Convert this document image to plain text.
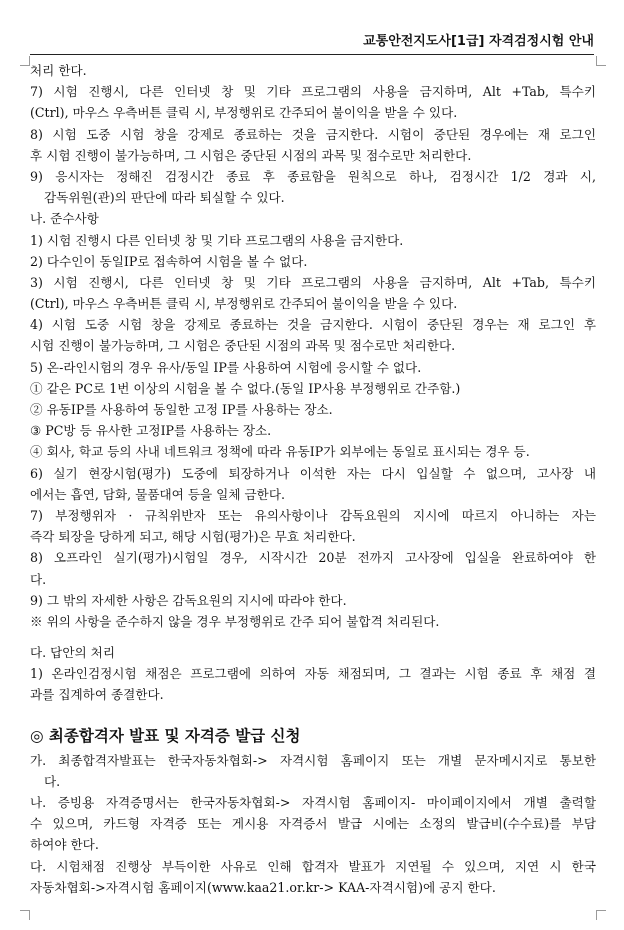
교통안전지도사[1급] 자격검정시험 안내
처리 한다.
7) 시험 진행시, 다른 인터넷 창 및 기타 프로그램의 사용을 금지하며, Alt +Tab, 특수키
(Ctrl), 마우스 우측버튼 클릭 시, 부정행위로 간주되어 불이익을 받을 수 있다.
8) 시험 도중 시험 창을 강제로 종료하는 것을 금지한다. 시험이 중단된 경우에는 재 로그인
후 시험 진행이 불가능하며, 그 시험은 중단된 시점의 과목 및 점수로만 처리한다.
9) 응시자는 정해진 검정시간 종료 후 종료함을 원칙으로 하나, 검정시간 1/2 경과 시,
감독위원(관)의 판단에 따라 퇴실할 수 있다.
나. 준수사항
1) 시험 진행시 다른 인터넷 창 및 기타 프로그램의 사용을 금지한다.
2) 다수인이 동일IP로 접속하여 시험을 볼 수 없다.
3) 시험 진행시, 다른 인터넷 창 및 기타 프로그램의 사용을 금지하며, Alt +Tab, 특수키
(Ctrl), 마우스 우측버튼 클릭 시, 부정행위로 간주되어 불이익을 받을 수 있다.
4) 시험 도중 시험 창을 강제로 종료하는 것을 금지한다. 시험이 중단된 경우는 재 로그인 후
시험 진행이 불가능하며, 그 시험은 중단된 시점의 과목 및 점수로만 처리한다.
5) 온-라인시험의 경우 유사/동일 IP를 사용하여 시험에 응시할 수 없다.
① 같은 PC로 1번 이상의 시험을 볼 수 없다.(동일 IP사용 부정행위로 간주함.)
② 유동IP를 사용하여 동일한 고정 IP를 사용하는 장소.
③ PC방 등 유사한 고정IP를 사용하는 장소.
④ 회사, 학교 등의 사내 네트워크 정책에 따라 유동IP가 외부에는 동일로 표시되는 경우 등.
6) 실기 현장시험(평가) 도중에 퇴장하거나 이석한 자는 다시 입실할 수 없으며, 고사장 내
에서는 흡연, 담화, 물품대여 등을 일체 금한다.
7) 부정행위자 · 규칙위반자 또는 유의사항이나 감독요원의 지시에 따르지 아니하는 자는
즉각 퇴장을 당하게 되고, 해당 시험(평가)은 무효 처리한다.
8) 오프라인 실기(평가)시험일 경우, 시작시간 20분 전까지 고사장에 입실을 완료하여야 한
다.
9) 그 밖의 자세한 사항은 감독요원의 지시에 따라야 한다.
※ 위의 사항을 준수하지 않을 경우 부정행위로 간주 되어 불합격 처리된다.
다. 답안의 처리
1) 온라인검정시험 채점은 프로그램에 의하여 자동 채점되며, 그 결과는 시험 종료 후 채점 결
과를 집계하여 종결한다.
◎ 최종합격자 발표 및 자격증 발급 신청
가. 최종합격자발표는 한국자동차협회-> 자격시험 홈페이지 또는 개별 문자메시지로 통보한
다.
나. 증빙용 자격증명서는 한국자동차협회-> 자격시험 홈페이지- 마이페이지에서 개별 출력할
수 있으며, 카드형 자격증 또는 게시용 자격증서 발급 시에는 소정의 발급비(수수료)를 부담
하여야 한다.
다. 시험채점 진행상 부득이한 사유로 인해 합격자 발표가 지연될 수 있으며, 지연 시 한국
자동차협회->자격시험 홈페이지(www.kaa21.or.kr-> KAA-자격시험)에 공지 한다.
